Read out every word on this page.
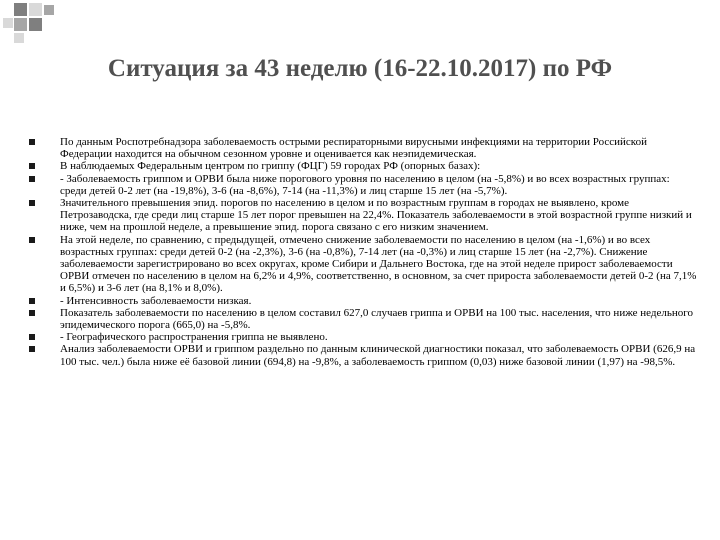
Ситуация за 43 неделю (16-22.10.2017) по РФ
По данным Роспотребнадзора заболеваемость острыми респираторными вирусными инфекциями на территории Российской Федерации находится на обычном сезонном уровне и оценивается как неэпидемическая.
В наблюдаемых Федеральным центром по гриппу (ФЦГ) 59 городах РФ (опорных базах):
- Заболеваемость гриппом и ОРВИ была ниже порогового уровня по населению в целом (на -5,8%) и во всех возрастных группах: среди детей 0-2 лет (на -19,8%), 3-6 (на -8,6%), 7-14 (на -11,3%) и лиц старше 15 лет (на -5,7%).
Значительного превышения эпид. порогов по населению в целом и по возрастным группам в городах не выявлено, кроме Петрозаводска, где среди лиц старше 15 лет порог превышен на 22,4%. Показатель заболеваемости в этой возрастной группе низкий и ниже, чем на прошлой неделе, а превышение эпид. порога связано с его низким значением.
На этой неделе, по сравнению, с предыдущей, отмечено снижение заболеваемости по населению в целом (на -1,6%) и во всех возрастных группах: среди детей 0-2 (на -2,3%), 3-6 (на -0,8%), 7-14 лет (на -0,3%) и лиц старше 15 лет (на -2,7%). Снижение заболеваемости зарегистрировано во всех округах, кроме Сибири и Дальнего Востока, где на этой неделе прирост заболеваемости ОРВИ отмечен по населению в целом на 6,2% и 4,9%, соответственно, в основном, за счет прироста заболеваемости детей 0-2 (на 7,1% и 6,5%) и 3-6 лет (на 8,1% и 8,0%).
- Интенсивность заболеваемости низкая.
Показатель заболеваемости по населению в целом составил 627,0 случаев гриппа и ОРВИ на 100 тыс. населения, что ниже недельного эпидемического порога (665,0) на -5,8%.
- Географического распространения гриппа не выявлено.
Анализ заболеваемости ОРВИ и гриппом раздельно по данным клинической диагностики показал, что заболеваемость ОРВИ (626,9 на 100 тыс. чел.) была ниже её базовой линии (694,8) на -9,8%, а заболеваемость гриппом (0,03) ниже базовой линии (1,97) на -98,5%.
